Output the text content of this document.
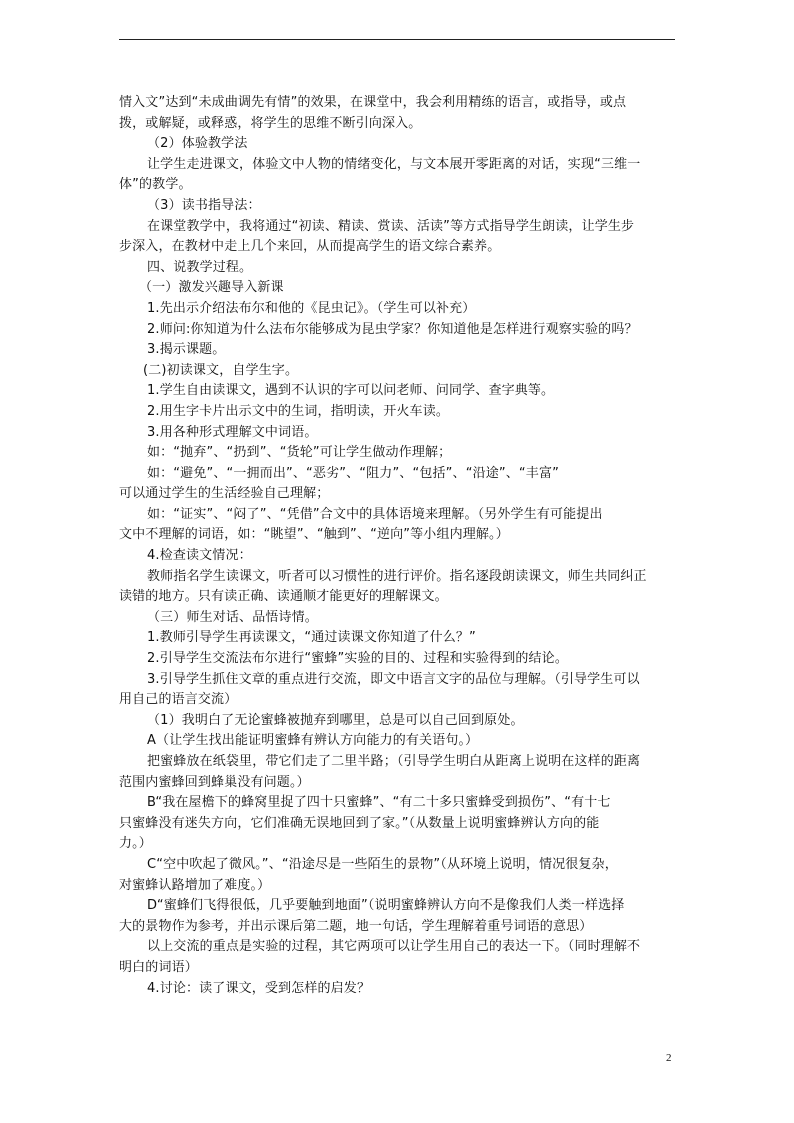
情入文”达到“未成曲调先有情”的效果，在课堂中，我会利用精练的语言，或指导，或点
拨，或解疑，或释惑，将学生的思维不断引向深入。
（2）体验教学法
让学生走进课文，体验文中人物的情绪变化，与文本展开零距离的对话，实现“三维一
体”的教学。
（3）读书指导法：
在课堂教学中，我将通过“初读、精读、赏读、活读”等方式指导学生朗读，让学生步
步深入，在教材中走上几个来回，从而提高学生的语文综合素养。
四、说教学过程。
（一）激发兴趣导入新课
1.先出示介绍法布尔和他的《昆虫记》。（学生可以补充）
2.师问:你知道为什么法布尔能够成为昆虫学家？你知道他是怎样进行观察实验的吗？
3.揭示课题。
(二)初读课文，自学生字。
1.学生自由读课文，遇到不认识的字可以问老师、问同学、查字典等。
2.用生字卡片出示文中的生词，指明读，开火车读。
3.用各种形式理解文中词语。
如：“抛弃”、“扔到”、“货轮”可让学生做动作理解；
如：“避免”、“一拥而出”、“恶劣”、“阻力”、“包括”、“沿途”、“丰富”
可以通过学生的生活经验自己理解；
如：“证实”、“闷了”、“凭借”合文中的具体语境来理解。（另外学生有可能提出
文中不理解的词语，如：“眺望”、“触到”、“逆向”等小组内理解。）
4.检查读文情况：
教师指名学生读课文，听者可以习惯性的进行评价。指名逐段朗读课文，师生共同纠正
读错的地方。只有读正确、读通顺才能更好的理解课文。
（三）师生对话、品悟诗情。
1.教师引导学生再读课文，“通过读课文你知道了什么？”
2.引导学生交流法布尔进行“蜜蜂”实验的目的、过程和实验得到的结论。
3.引导学生抓住文章的重点进行交流，即文中语言文字的品位与理解。（引导学生可以
用自己的语言交流）
（1）我明白了无论蜜蜂被抛弃到哪里，总是可以自己回到原处。
A（让学生找出能证明蜜蜂有辨认方向能力的有关语句。）
把蜜蜂放在纸袋里，带它们走了二里半路；（引导学生明白从距离上说明在这样的距离
范围内蜜蜂回到蜂巢没有问题。）
B“我在屋檐下的蜂窝里捉了四十只蜜蜂”、“有二十多只蜜蜂受到损伤”、“有十七
只蜜蜂没有迷失方向，它们准确无误地回到了家。”（从数量上说明蜜蜂辨认方向的能
力。）
C“空中吹起了微风。”、“沿途尽是一些陌生的景物”（从环境上说明，情况很复杂，
对蜜蜂认路增加了难度。）
D“蜜蜂们飞得很低，几乎要触到地面”（说明蜜蜂辨认方向不是像我们人类一样选择
大的景物作为参考，并出示课后第二题，地一句话，学生理解着重号词语的意思）
以上交流的重点是实验的过程，其它两项可以让学生用自己的表达一下。（同时理解不
明白的词语）
4.讨论：读了课文，受到怎样的启发？
2
